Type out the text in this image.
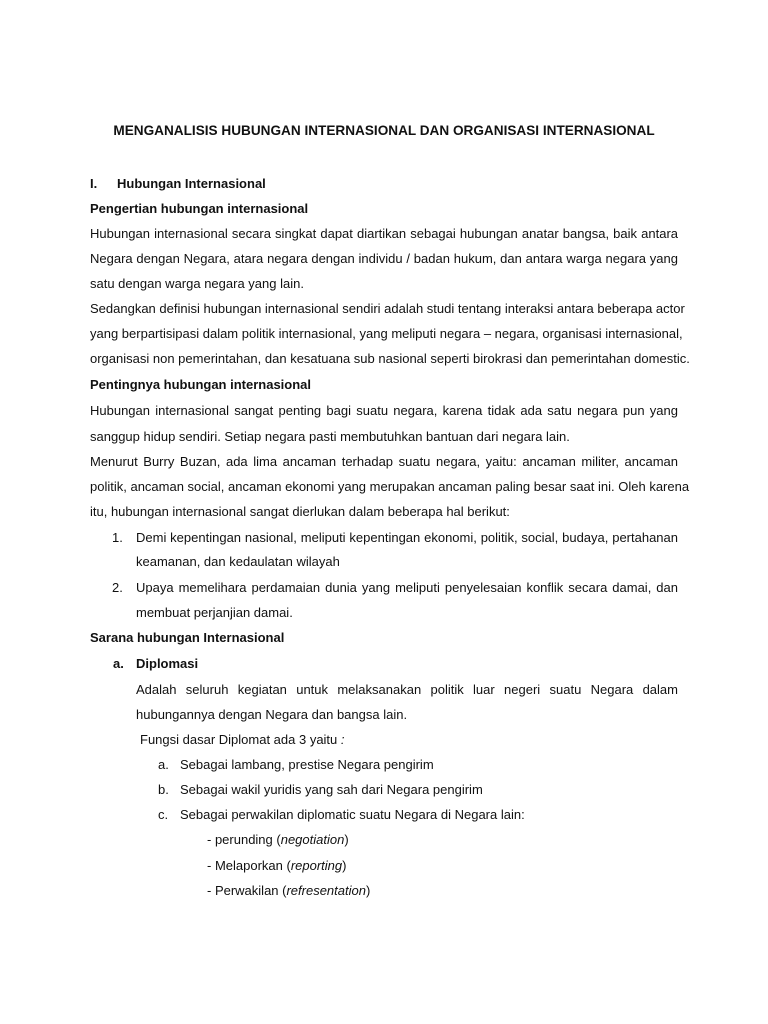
MENGANALISIS HUBUNGAN INTERNASIONAL DAN ORGANISASI INTERNASIONAL
I. Hubungan Internasional
Pengertian hubungan internasional
Hubungan internasional secara singkat dapat diartikan sebagai hubungan anatar bangsa, baik antara
Negara dengan Negara, atara negara dengan individu / badan hukum, dan antara warga negara yang
satu dengan warga negara yang lain.
Sedangkan definisi hubungan internasional sendiri adalah studi tentang interaksi antara beberapa actor
yang berpartisipasi dalam politik internasional, yang meliputi negara – negara, organisasi internasional,
organisasi non pemerintahan, dan kesatuana sub nasional seperti birokrasi dan pemerintahan domestic.
Pentingnya hubungan internasional
Hubungan internasional sangat penting bagi suatu negara, karena tidak ada satu negara pun yang
sanggup hidup sendiri. Setiap negara pasti membutuhkan bantuan dari negara lain.
Menurut Burry Buzan, ada lima ancaman terhadap suatu negara, yaitu: ancaman militer, ancaman
politik, ancaman social, ancaman ekonomi yang merupakan ancaman paling besar saat ini. Oleh karena
itu, hubungan internasional sangat dierlukan dalam beberapa hal berikut:
1.	Demi kepentingan nasional, meliputi kepentingan ekonomi, politik, social, budaya, pertahanan
keamanan, dan kedaulatan wilayah
2.	Upaya memelihara perdamaian dunia yang meliputi penyelesaian konflik secara damai, dan
membuat perjanjian damai.
Sarana hubungan Internasional
a. Diplomasi
Adalah seluruh kegiatan untuk melaksanakan politik luar negeri suatu Negara dalam
hubungannya dengan Negara dan bangsa lain.
Fungsi dasar Diplomat ada 3 yaitu :
a. Sebagai lambang, prestise Negara pengirim
b. Sebagai wakil yuridis yang sah dari Negara pengirim
c. Sebagai perwakilan diplomatic suatu Negara di Negara lain:
- perunding (negotiation)
- Melaporkan (reporting)
- Perwakilan (refresentation)
